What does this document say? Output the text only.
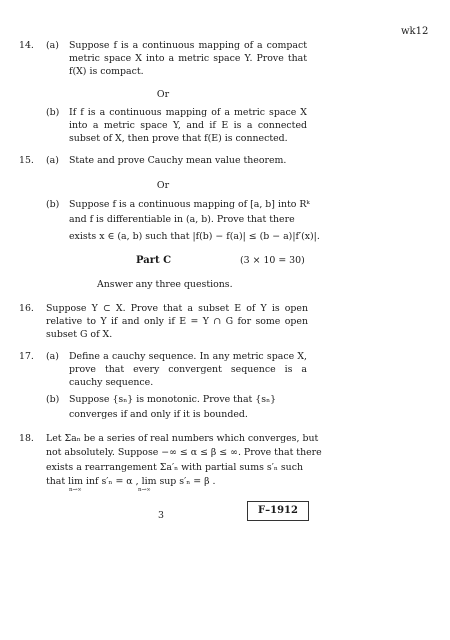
wk12
14. (a) Suppose f is a continuous mapping of a compact metric space X into a metric space Y. Prove that f(X) is compact.
Or
(b) If f is a continuous mapping of a metric space X into a metric space Y, and if E is a connected subset of X, then prove that f(E) is connected.
15. (a) State and prove Cauchy mean value theorem.
Or
(b) Suppose f is a continuous mapping of [a, b] into Rᵏ
and f is differentiable in (a, b). Prove that there
exists x ∈ (a, b) such that |f(b) − f(a)| ≤ (b − a)|f′(x)|.
Part C	(3 × 10 = 30)
Answer any three questions.
16. Suppose Y ⊂ X. Prove that a subset E of Y is open relative to Y if and only if E = Y ∩ G for some open subset G of X.
17. (a) Define a cauchy sequence. In any metric space X, prove that every convergent sequence is a cauchy sequence.
(b) Suppose {sₙ} is monotonic. Prove that {sₙ}
converges if and only if it is bounded.
18. Let Σaₙ be a series of real numbers which converges, but
not absolutely. Suppose −∞ ≤ α ≤ β ≤ ∞. Prove that there
exists a rearrangement Σa′ₙ with partial sums s′ₙ such
that lim inf s′ₙ = α , lim sup s′ₙ = β .
n→∞	n→∞
3	F–1912
